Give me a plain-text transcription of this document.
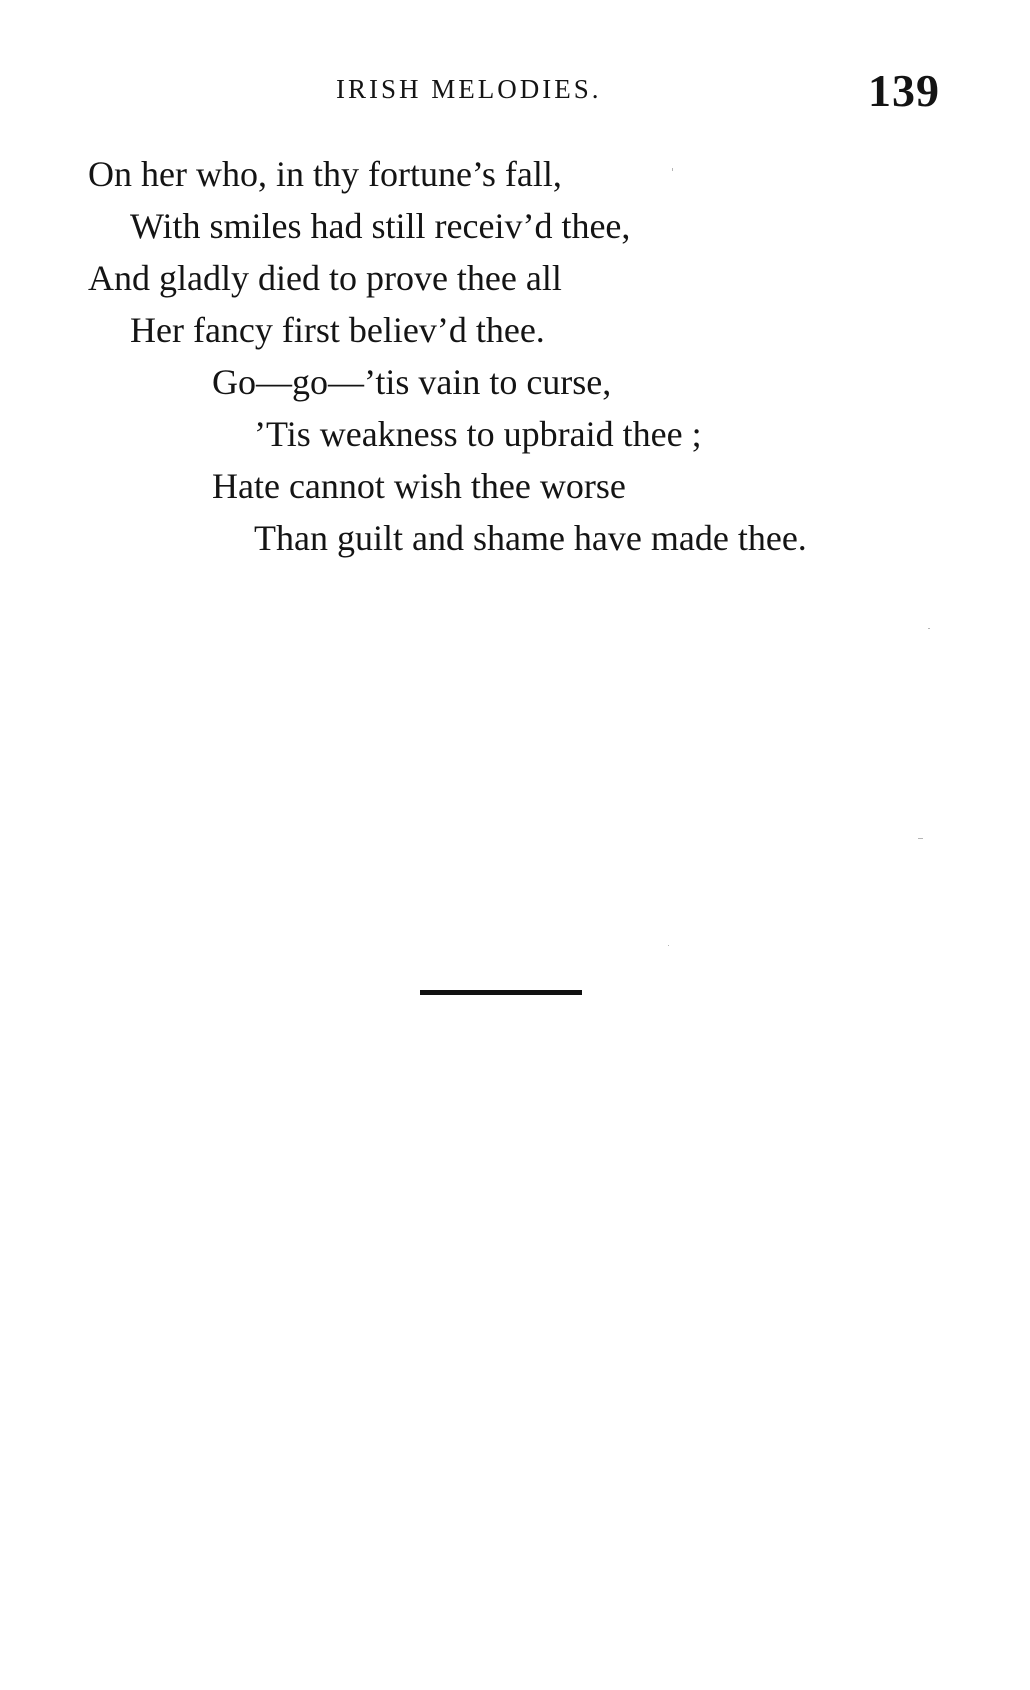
IRISH MELODIES.	139
On her who, in thy fortune’s fall,
With smiles had still receiv’d thee,
And gladly died to prove thee all
Her fancy first believ’d thee.
Go—go—’tis vain to curse,
’Tis weakness to upbraid thee ;
Hate cannot wish thee worse
Than guilt and shame have made thee.
